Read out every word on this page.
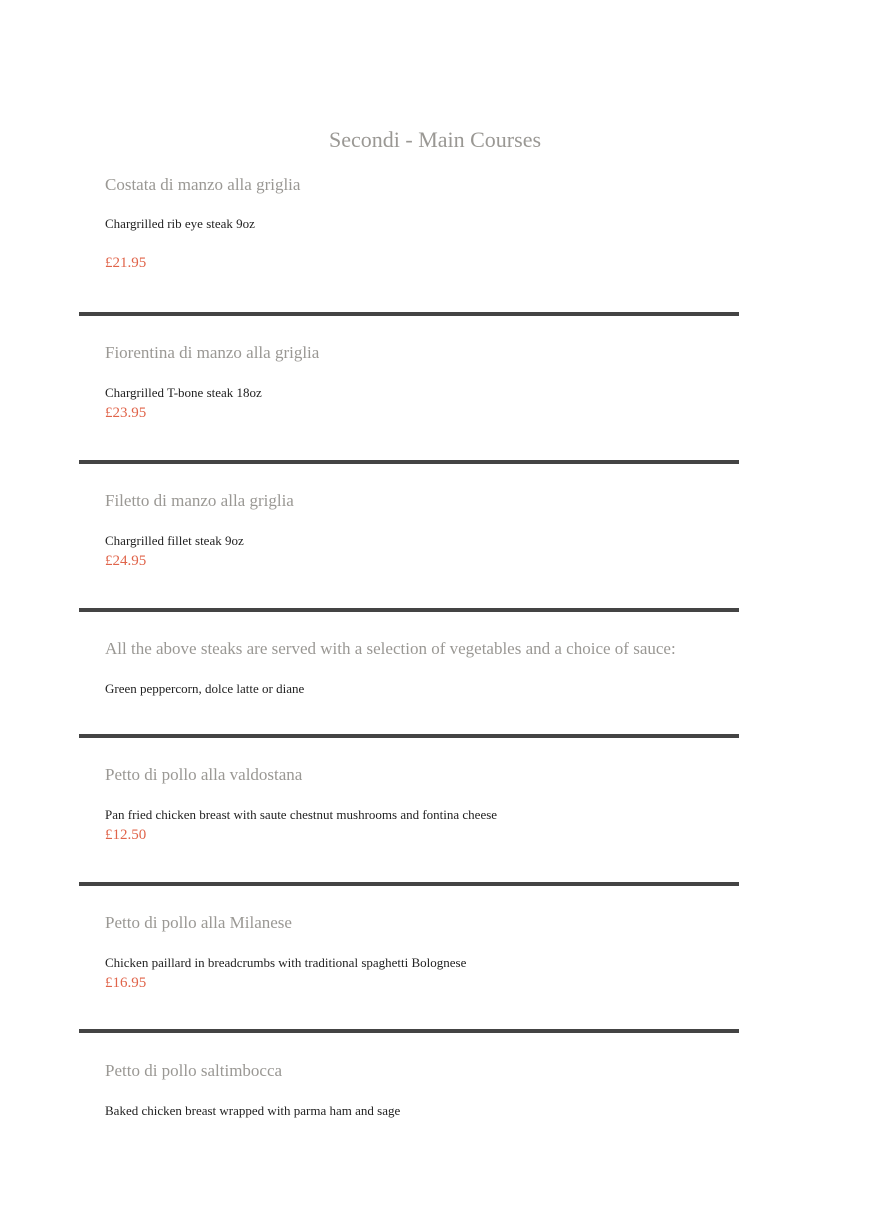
Secondi - Main Courses

Costata di manzo alla griglia

Chargrilled rib eye steak 9oz

£21.95

Fiorentina di manzo alla griglia

Chargrilled T-bone steak 18oz

£23.95

Filetto di manzo alla griglia

Chargrilled fillet steak 9oz

£24.95

All the above steaks are served with a selection of vegetables and a choice of sauce:

Green peppercorn, dolce latte or diane

Petto di pollo alla valdostana

Pan fried chicken breast with saute chestnut mushrooms and fontina cheese

£12.50

Petto di pollo alla Milanese

Chicken paillard in breadcrumbs with traditional spaghetti Bolognese

£16.95

Petto di pollo saltimbocca

Baked chicken breast wrapped with parma ham and sage
